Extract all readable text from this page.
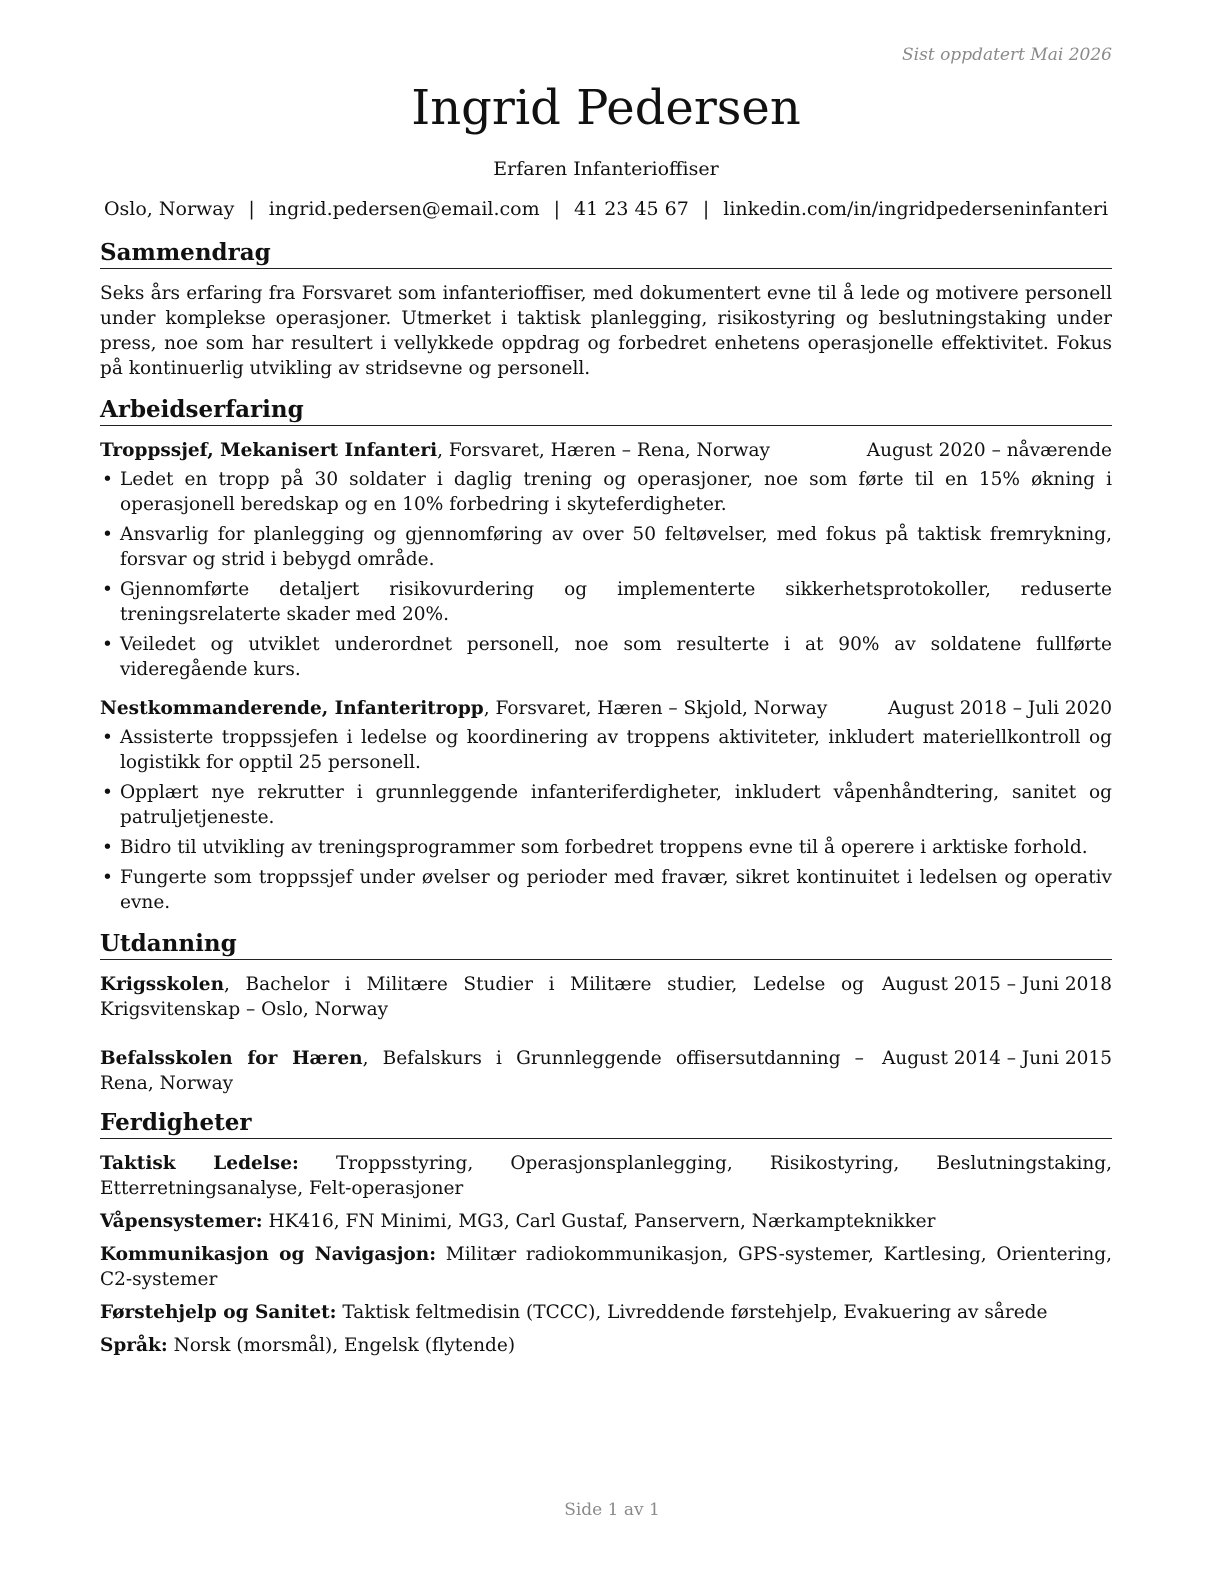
Sist oppdatert Mai 2026
Ingrid Pedersen
Erfaren Infanterioffiser
Oslo, Norway | ingrid.pedersen@email.com | 41 23 45 67 | linkedin.com/in/ingridpederseninfanteri
Sammendrag
Seks års erfaring fra Forsvaret som infanterioffiser, med dokumentert evne til å lede og motivere personell under komplekse operasjoner. Utmerket i taktisk planlegging, risikostyring og beslutningstaking under press, noe som har resultert i vellykkede oppdrag og forbedret enhetens operasjonelle effektivitet. Fokus på kontinuerlig utvikling av stridsevne og personell.
Arbeidserfaring
Troppssjef, Mekanisert Infanteri, Forsvaret, Hæren – Rena, Norway	August 2020 – nåværende
• Ledet en tropp på 30 soldater i daglig trening og operasjoner, noe som førte til en 15% økning i operasjonell beredskap og en 10% forbedring i skyteferdigheter.
• Ansvarlig for planlegging og gjennomføring av over 50 feltøvelser, med fokus på taktisk fremrykning, forsvar og strid i bebygd område.
• Gjennomførte detaljert risikovurdering og implementerte sikkerhetsprotokoller, reduserte treningsrelaterte skader med 20%.
• Veiledet og utviklet underordnet personell, noe som resulterte i at 90% av soldatene fullførte videregående kurs.
Nestkommanderende, Infanteritropp, Forsvaret, Hæren – Skjold, Norway	August 2018 – Juli 2020
• Assisterte troppssjefen i ledelse og koordinering av troppens aktiviteter, inkludert materiellkontroll og logistikk for opptil 25 personell.
• Opplært nye rekrutter i grunnleggende infanteriferdigheter, inkludert våpenhåndtering, sanitet og patruljetjeneste.
• Bidro til utvikling av treningsprogrammer som forbedret troppens evne til å operere i arktiske forhold.
• Fungerte som troppssjef under øvelser og perioder med fravær, sikret kontinuitet i ledelsen og operativ evne.
Utdanning
Krigsskolen, Bachelor i Militære Studier i Militære studier, Ledelse og Krigsvitenskap – Oslo, Norway
August 2015 – Juni 2018
Befalsskolen for Hæren, Befalskurs i Grunnleggende offisersutdanning – Rena, Norway
August 2014 – Juni 2015
Ferdigheter
Taktisk Ledelse: Troppsstyring, Operasjonsplanlegging, Risikostyring, Beslutningstaking, Etterretningsanalyse, Felt-operasjoner
Våpensystemer: HK416, FN Minimi, MG3, Carl Gustaf, Panservern, Nærkampteknikker
Kommunikasjon og Navigasjon: Militær radiokommunikasjon, GPS-systemer, Kartlesing, Orientering, C2-systemer
Førstehjelp og Sanitet: Taktisk feltmedisin (TCCC), Livreddende førstehjelp, Evakuering av sårede
Språk: Norsk (morsmål), Engelsk (flytende)
Side 1 av 1
